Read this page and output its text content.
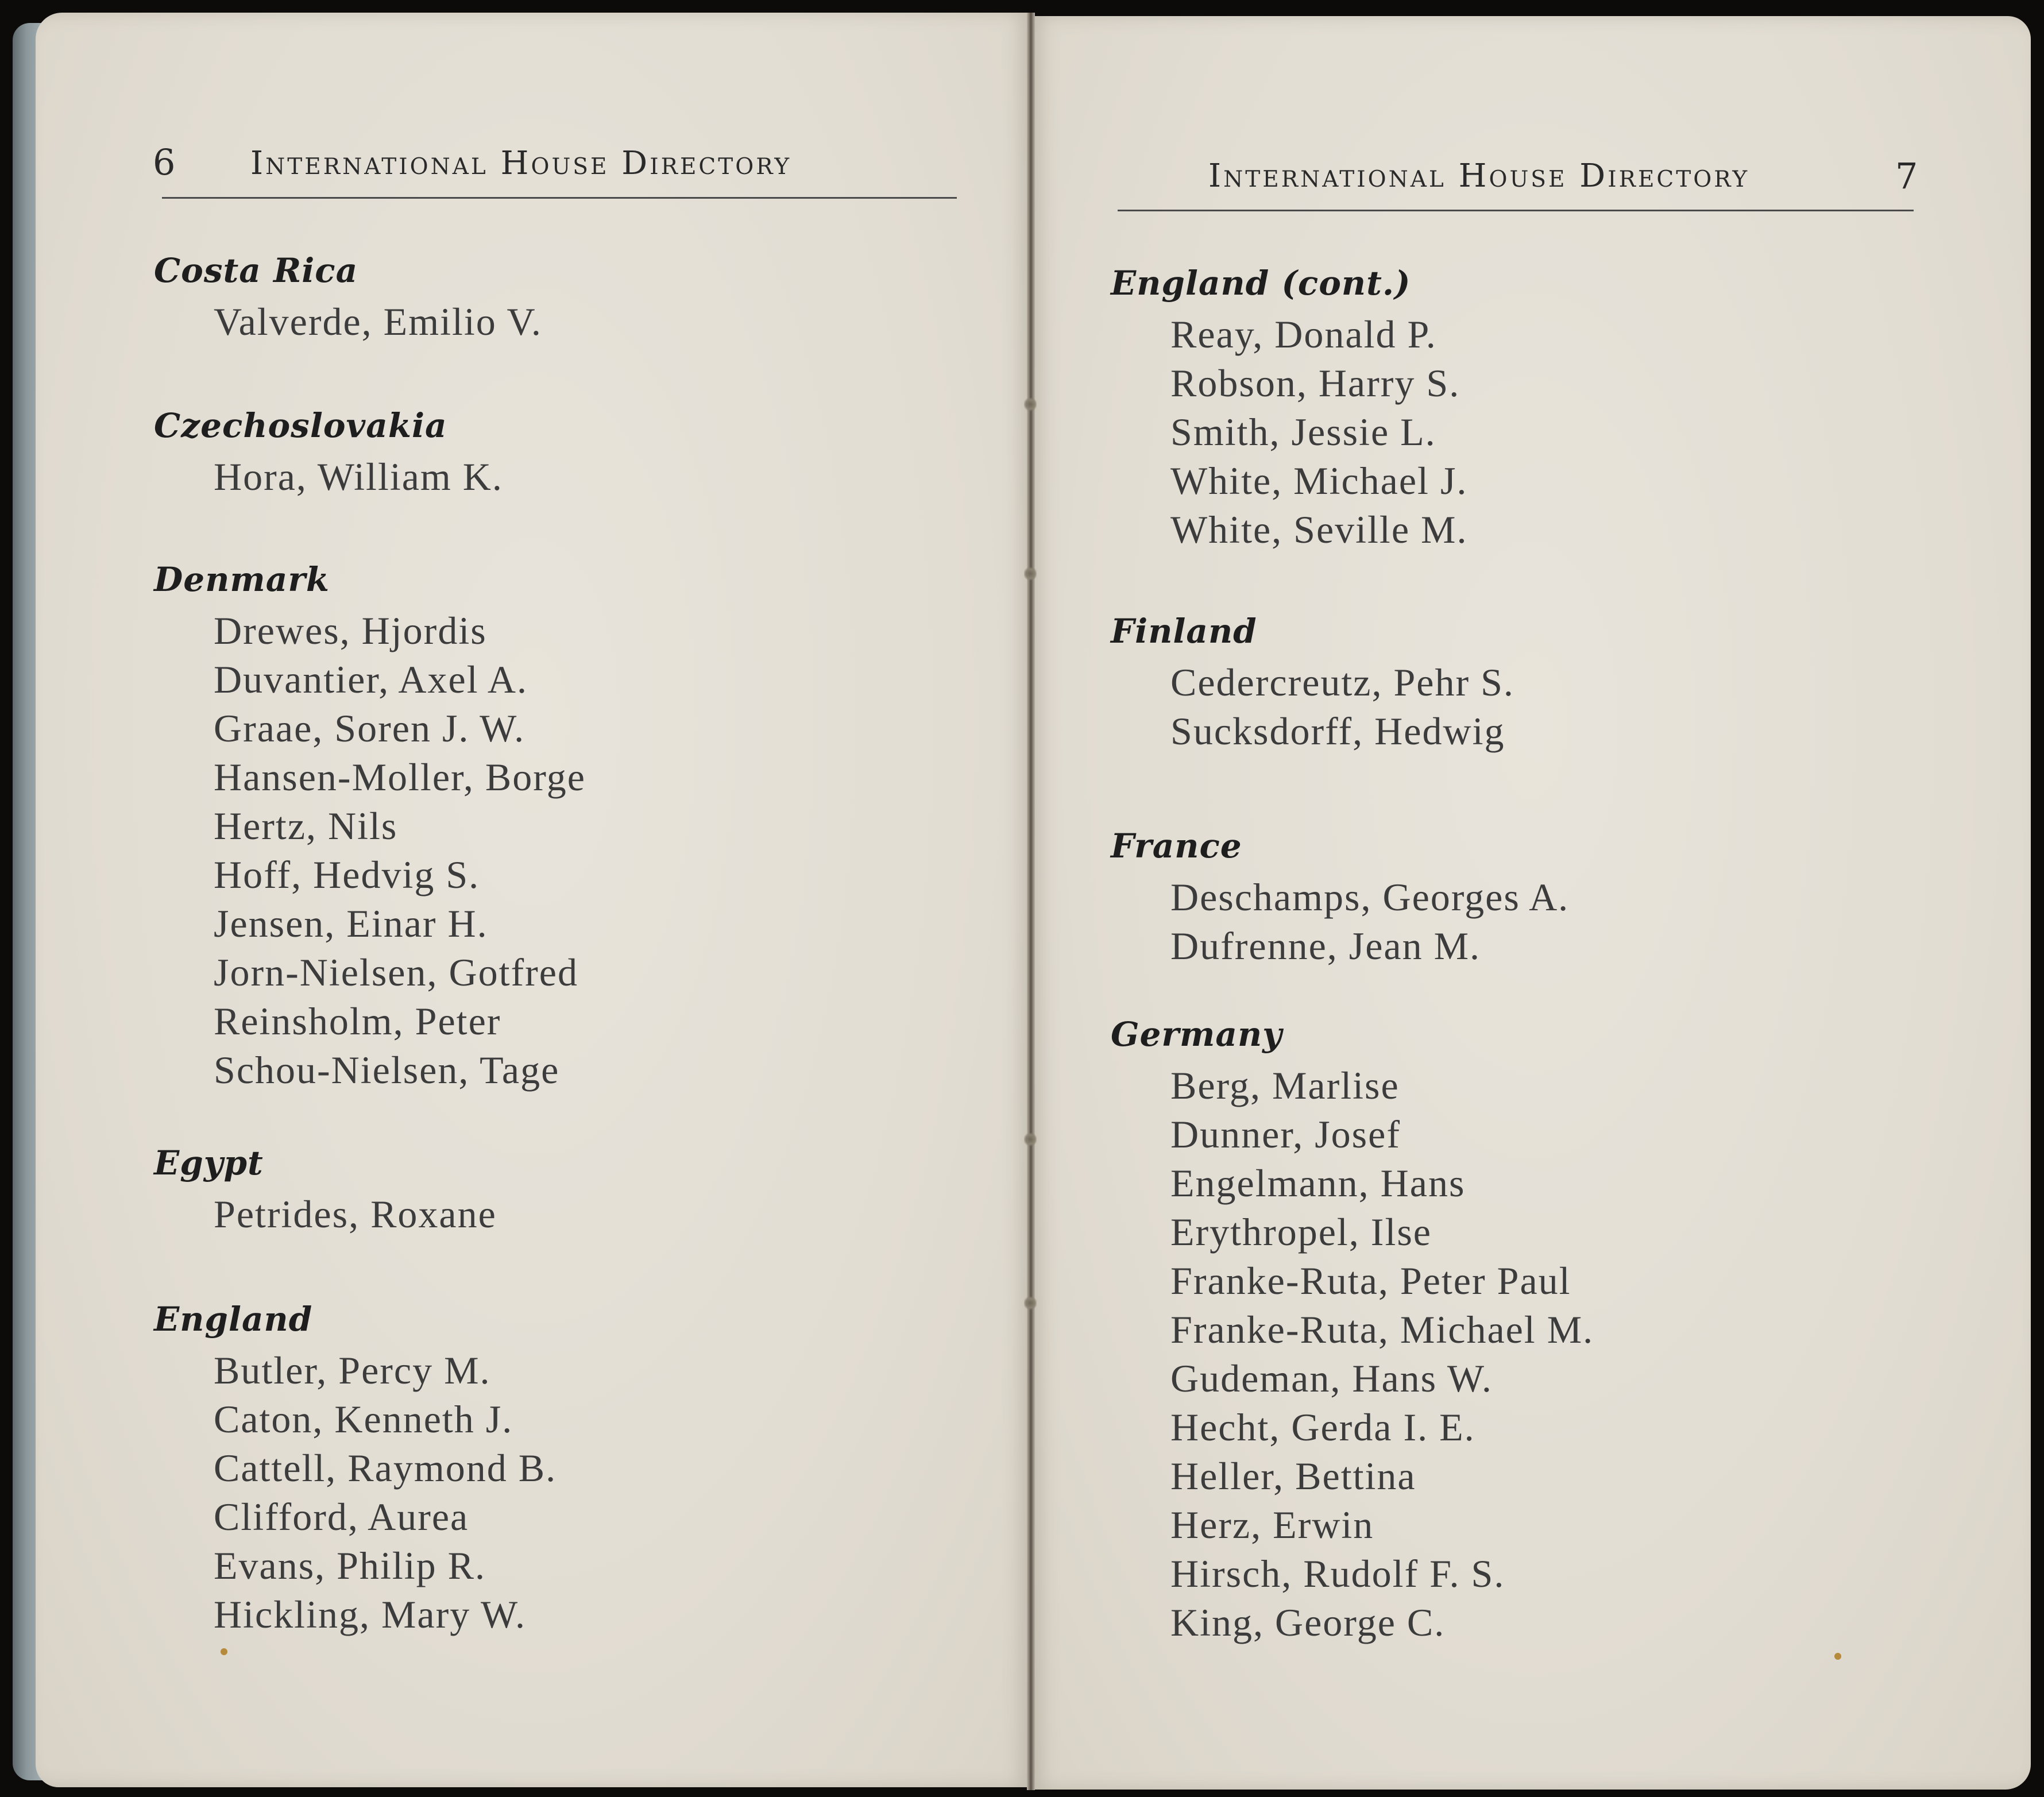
6 International House Directory	International House Directory	7
Costa Rica
Valverde, Emilio V.
Czechoslovakia
Hora, William K.
Denmark
Drewes, Hjordis
Duvantier, Axel A.
Graae, Soren J. W.
Hansen-Moller, Borge
Hertz, Nils
Hoff, Hedvig S.
Jensen, Einar H.
Jorn-Nielsen, Gotfred
Reinsholm, Peter
Schou-Nielsen, Tage
Egypt
Petrides, Roxane
England
Butler, Percy M.
Caton, Kenneth J.
Cattell, Raymond B.
Clifford, Aurea
Evans, Philip R.
Hickling, Mary W.
England (cont.)
Reay, Donald P.
Robson, Harry S.
Smith, Jessie L.
White, Michael J.
White, Seville M.
Finland
Cedercreutz, Pehr S.
Sucksdorff, Hedwig
France
Deschamps, Georges A.
Dufrenne, Jean M.
Germany
Berg, Marlise
Dunner, Josef
Engelmann, Hans
Erythropel, Ilse
Franke-Ruta, Peter Paul
Franke-Ruta, Michael M.
Gudeman, Hans W.
Hecht, Gerda I. E.
Heller, Bettina
Herz, Erwin
Hirsch, Rudolf F. S.
King, George C.
